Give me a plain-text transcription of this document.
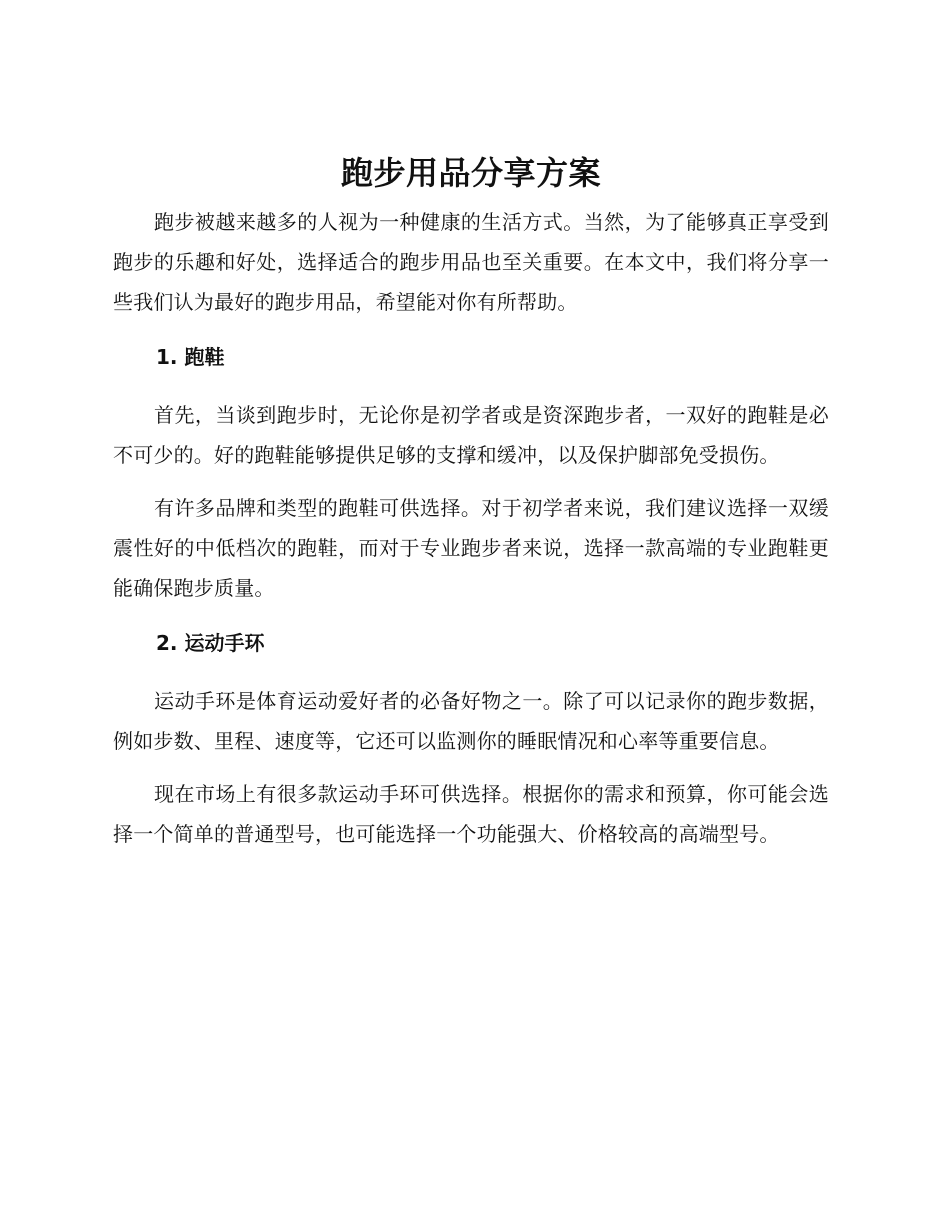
跑步用品分享方案

跑步被越来越多的人视为一种健康的生活方式。当然，为了能够真正享受到跑步的乐趣和好处，选择适合的跑步用品也至关重要。在本文中，我们将分享一些我们认为最好的跑步用品，希望能对你有所帮助。

1. 跑鞋

首先，当谈到跑步时，无论你是初学者或是资深跑步者，一双好的跑鞋是必不可少的。好的跑鞋能够提供足够的支撑和缓冲，以及保护脚部免受损伤。

有许多品牌和类型的跑鞋可供选择。对于初学者来说，我们建议选择一双缓震性好的中低档次的跑鞋，而对于专业跑步者来说，选择一款高端的专业跑鞋更能确保跑步质量。

2. 运动手环

运动手环是体育运动爱好者的必备好物之一。除了可以记录你的跑步数据，例如步数、里程、速度等，它还可以监测你的睡眠情况和心率等重要信息。

现在市场上有很多款运动手环可供选择。根据你的需求和预算，你可能会选择一个简单的普通型号，也可能选择一个功能强大、价格较高的高端型号。
